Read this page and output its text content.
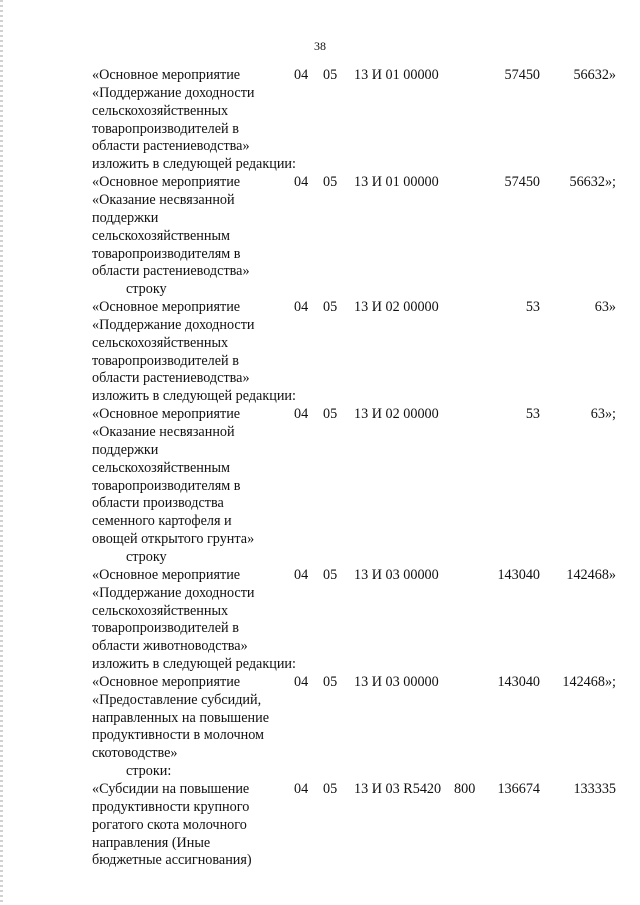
38
«Основное мероприятие	04 05 13 И 01 00000	57450 56632»
«Поддержание доходности
сельскохозяйственных
товаропроизводителей в
области растениеводства»
изложить в следующей редакции:
«Основное мероприятие	04 05 13 И 01 00000	57450 56632»;
«Оказание несвязанной
поддержки
сельскохозяйственным
товаропроизводителям в
области растениеводства»
строку
«Основное мероприятие	04 05 13 И 02 00000	53	63»
«Поддержание доходности
сельскохозяйственных
товаропроизводителей в
области растениеводства»
изложить в следующей редакции:
«Основное мероприятие	04 05 13 И 02 00000	53	63»;
«Оказание несвязанной
поддержки
сельскохозяйственным
товаропроизводителям в
области производства
семенного картофеля и
овощей открытого грунта»
строку
«Основное мероприятие	04 05 13 И 03 00000	143040 142468»
«Поддержание доходности
сельскохозяйственных
товаропроизводителей в
области животноводства»
изложить в следующей редакции:
«Основное мероприятие	04 05 13 И 03 00000	143040 142468»;
«Предоставление субсидий,
направленных на повышение
продуктивности в молочном
скотоводстве»
строки:
«Субсидии на повышение	04 05 13 И 03 R5420 800 136674 133335
продуктивности крупного
рогатого скота молочного
направления (Иные
бюджетные ассигнования)
